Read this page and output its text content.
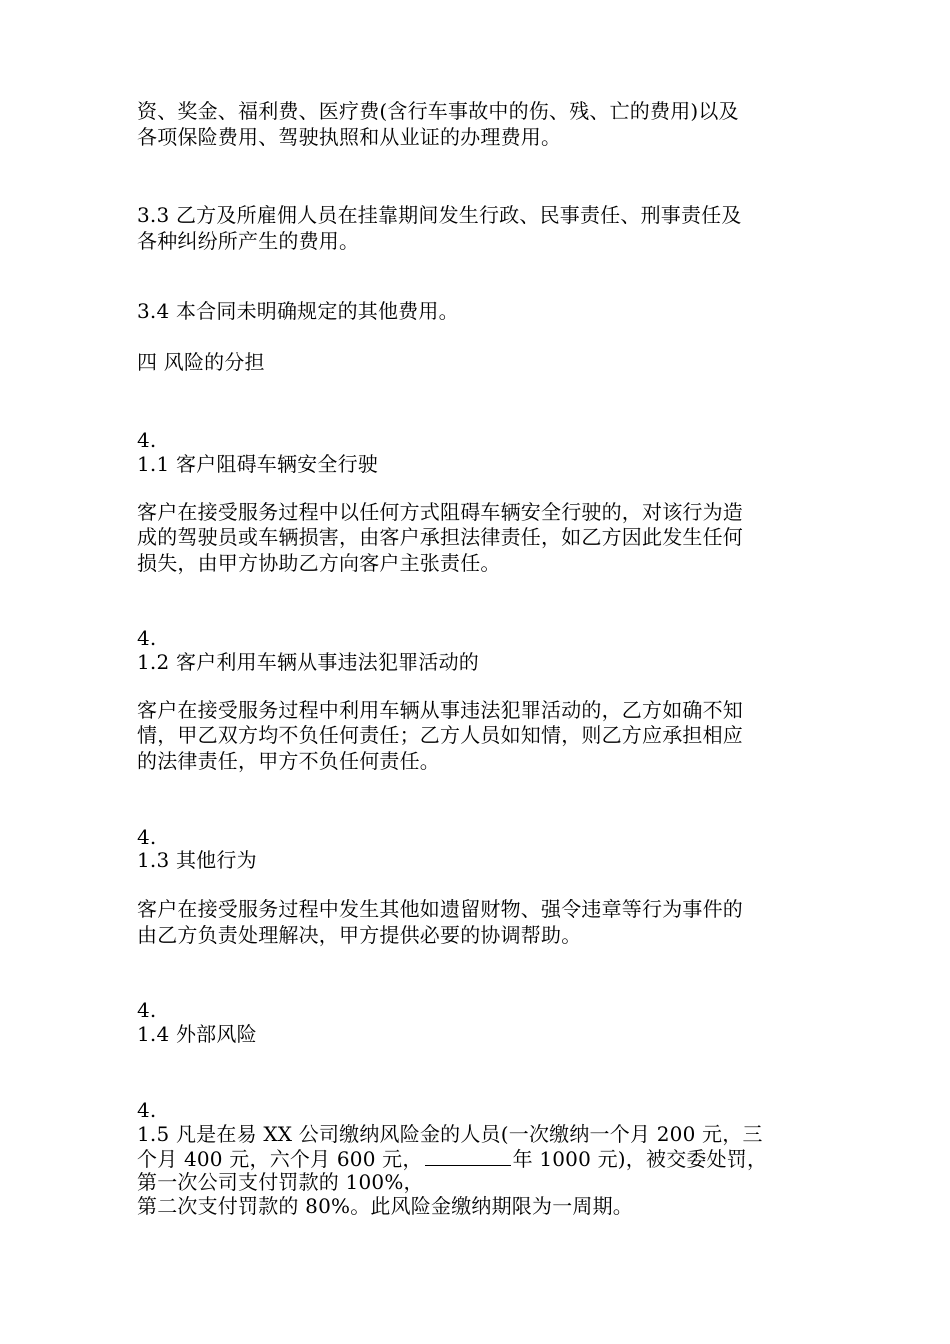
资、奖金、福利费、医疗费(含行车事故中的伤、残、亡的费用)以及
各项保险费用、驾驶执照和从业证的办理费用。
3.3 乙方及所雇佣人员在挂靠期间发生行政、民事责任、刑事责任及
各种纠纷所产生的费用。
3.4 本合同未明确规定的其他费用。
四 风险的分担
4.
1.1 客户阻碍车辆安全行驶
客户在接受服务过程中以任何方式阻碍车辆安全行驶的，对该行为造
成的驾驶员或车辆损害，由客户承担法律责任，如乙方因此发生任何
损失，由甲方协助乙方向客户主张责任。
4.
1.2 客户利用车辆从事违法犯罪活动的
客户在接受服务过程中利用车辆从事违法犯罪活动的，乙方如确不知
情，甲乙双方均不负任何责任；乙方人员如知情，则乙方应承担相应
的法律责任，甲方不负任何责任。
4.
1.3 其他行为
客户在接受服务过程中发生其他如遗留财物、强令违章等行为事件的
由乙方负责处理解决，甲方提供必要的协调帮助。
4.
1.4 外部风险
4.
1.5 凡是在易 XX 公司缴纳风险金的人员(一次缴纳一个月 200 元，三
个月 400 元，六个月 600 元，	年 1000 元)，被交委处罚，
第一次公司支付罚款的 100%，
第二次支付罚款的 80%。此风险金缴纳期限为一周期。
